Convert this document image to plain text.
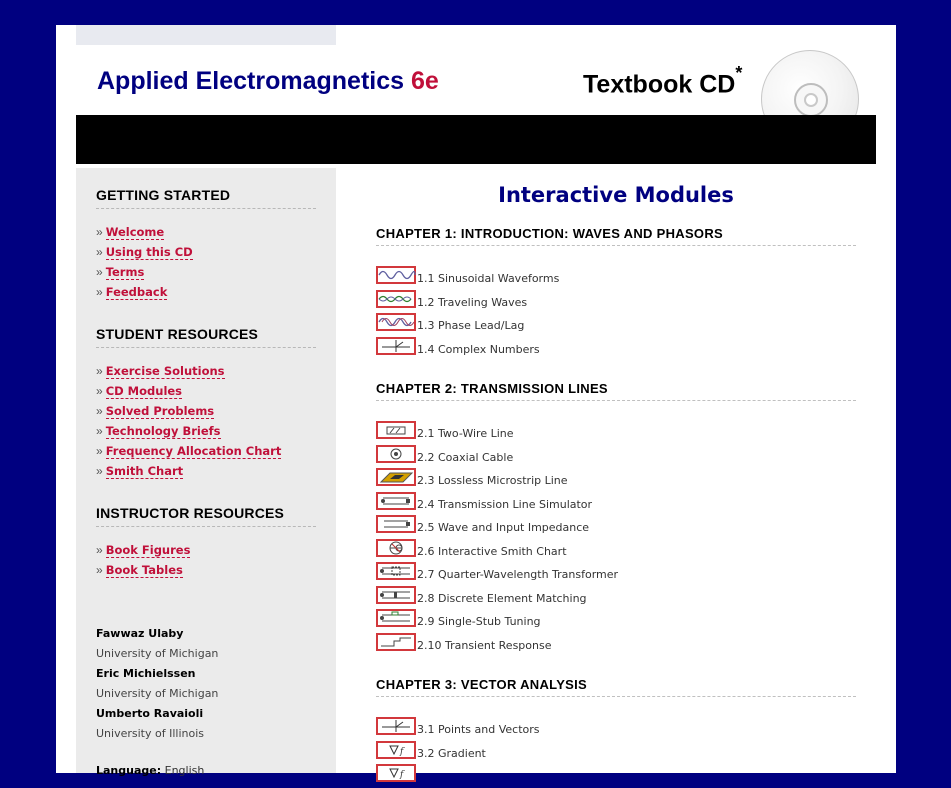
Applied Electromagnetics 6e	Textbook CD*
GETTING STARTED
» Welcome
» Using this CD
» Terms
» Feedback
STUDENT RESOURCES
» Exercise Solutions
» CD Modules
» Solved Problems
» Technology Briefs
» Frequency Allocation Chart
» Smith Chart
INSTRUCTOR RESOURCES
» Book Figures
» Book Tables
Fawwaz Ulaby
University of Michigan
Eric Michielssen
University of Michigan
Umberto Ravaioli
University of Illinois
Language: English
Interactive Modules
CHAPTER 1: INTRODUCTION: WAVES AND PHASORS
1.1 Sinusoidal Waveforms
1.2 Traveling Waves
1.3 Phase Lead/Lag
1.4 Complex Numbers
CHAPTER 2: TRANSMISSION LINES
2.1 Two-Wire Line
2.2 Coaxial Cable
2.3 Lossless Microstrip Line
2.4 Transmission Line Simulator
2.5 Wave and Input Impedance
2.6 Interactive Smith Chart
2.7 Quarter-Wavelength Transformer
2.8 Discrete Element Matching
2.9 Single-Stub Tuning
2.10 Transient Response
CHAPTER 3: VECTOR ANALYSIS
3.1 Points and Vectors
f 3.2 Gradient
f
